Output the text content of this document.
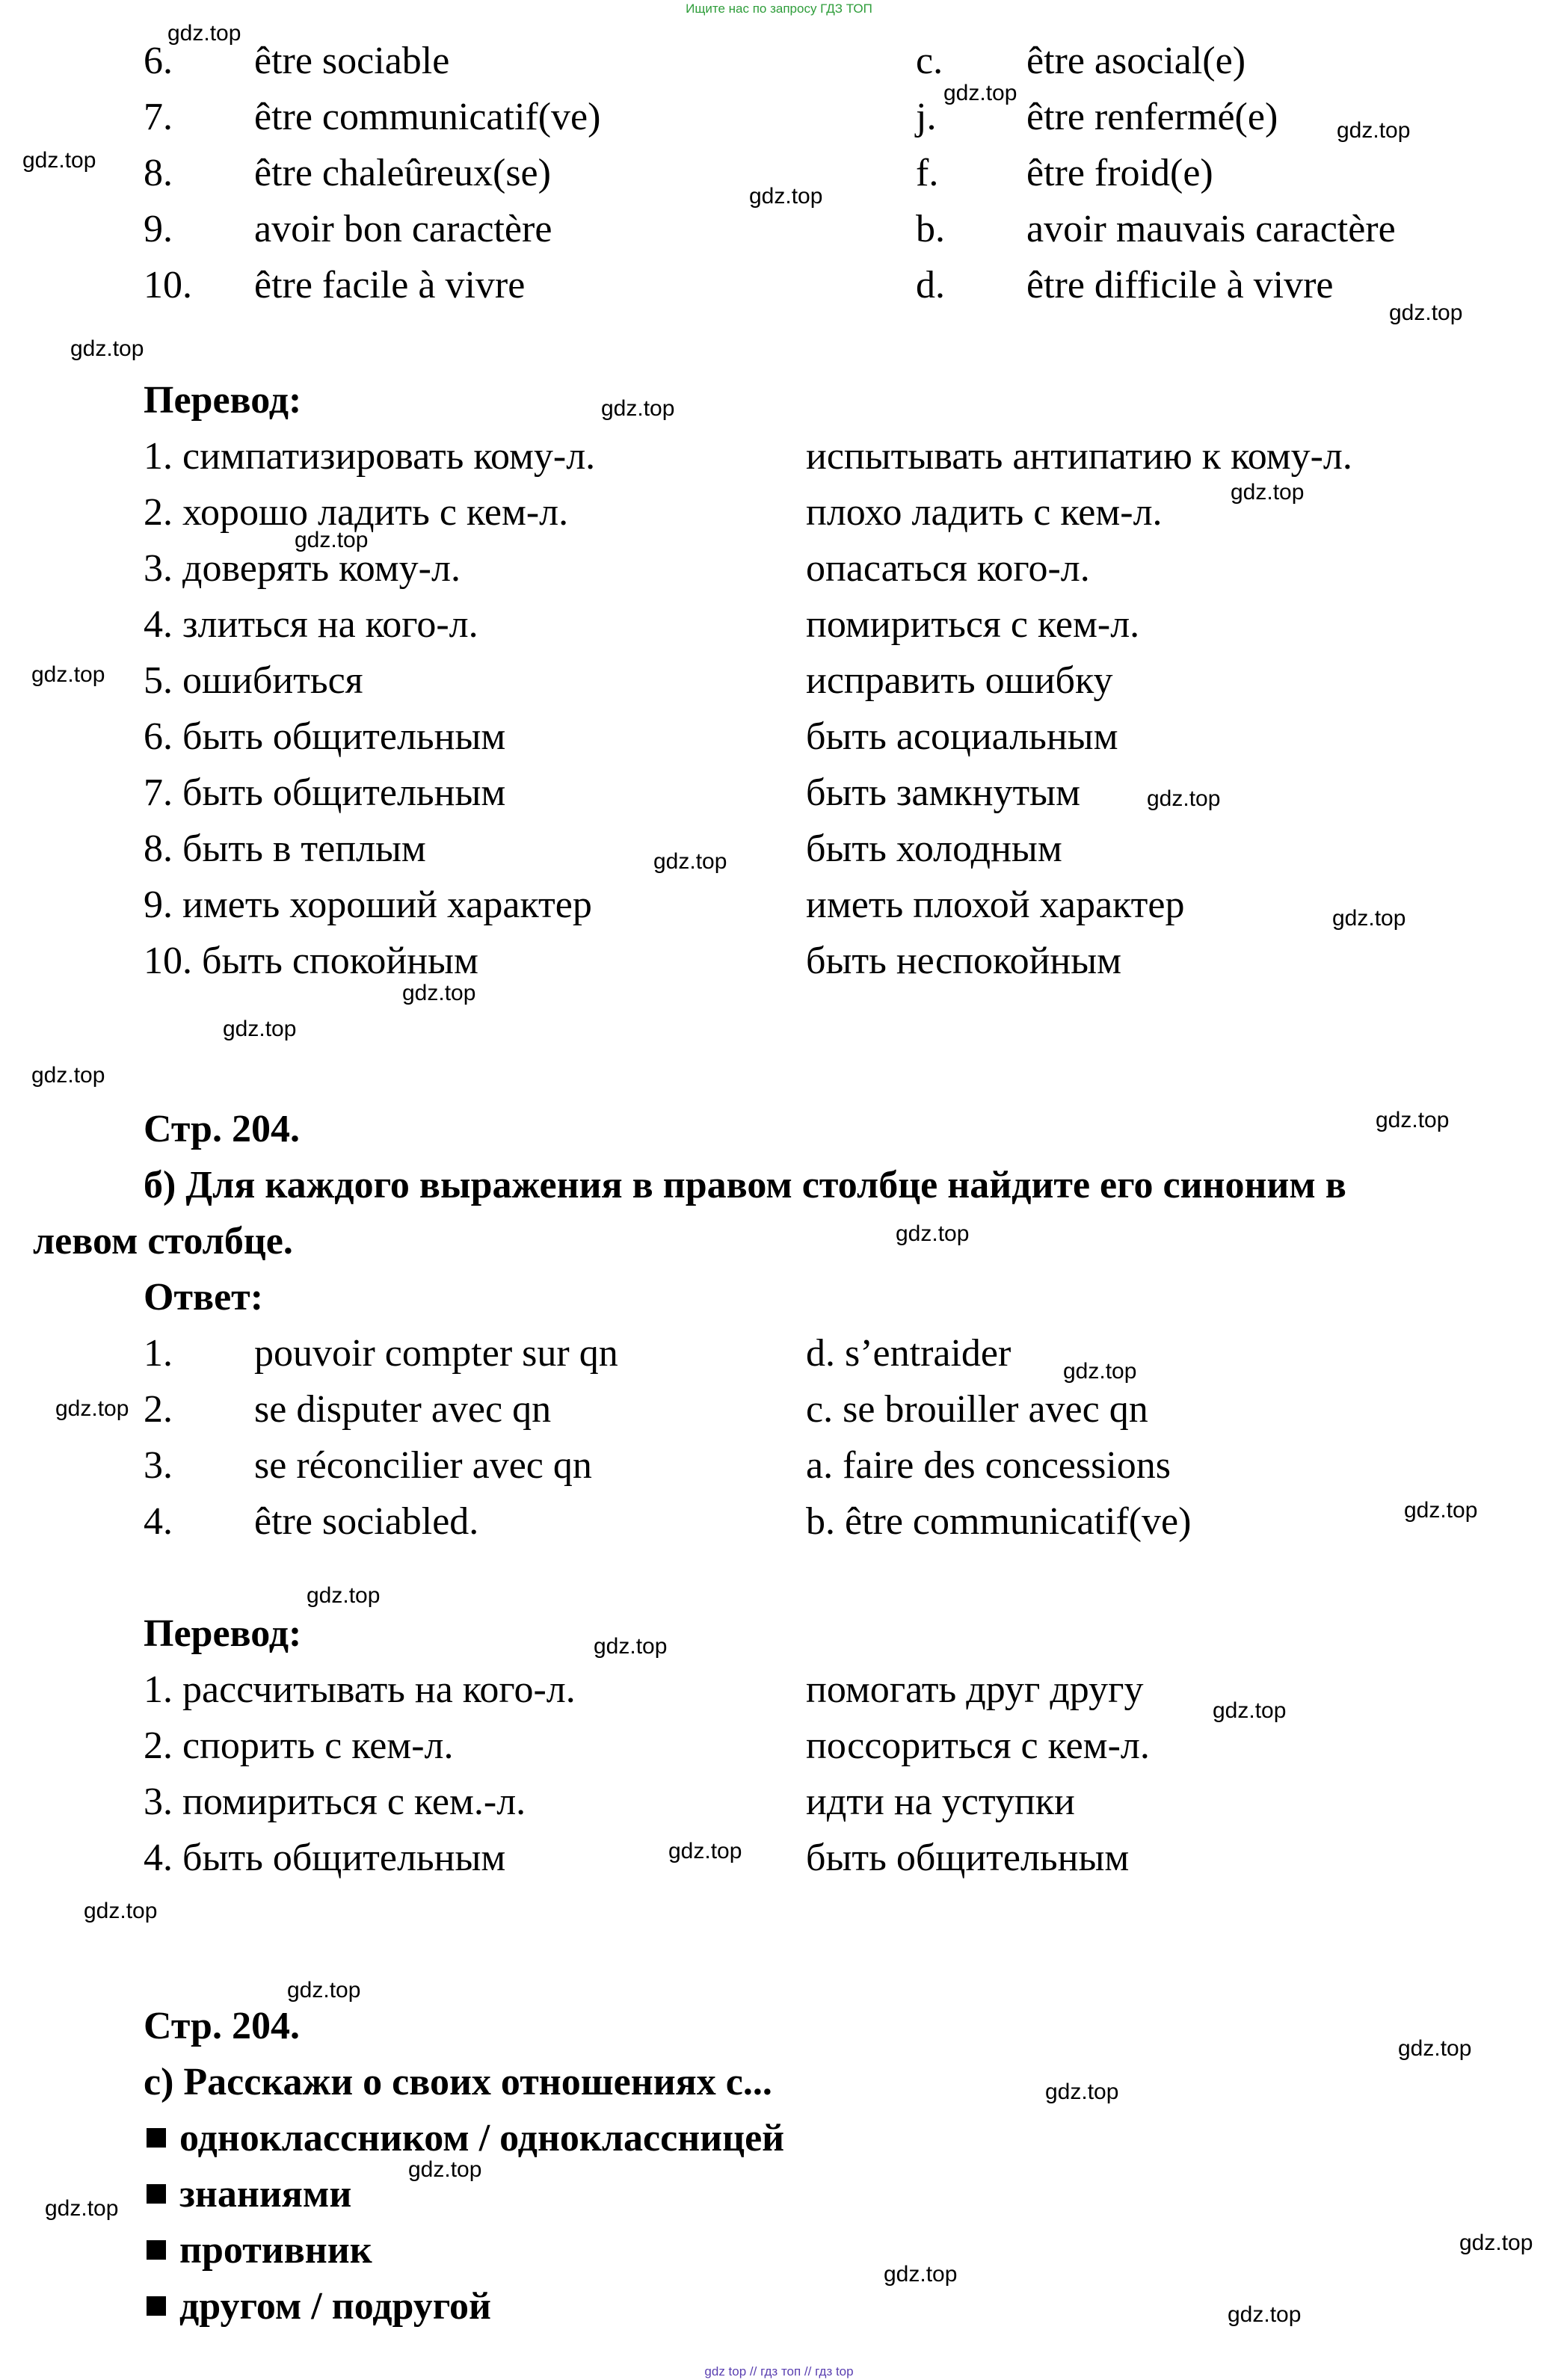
Ищите нас по запросу ГДЗ ТОП
6. être sociable	c. être asocial(e)
7. être communicatif(ve)	j. être renfermé(e)
8. être chaleûreux(se)	f. être froid(e)
9. avoir bon caractère	b. avoir mauvais caractère
10. être facile à vivre	d. être difficile à vivre
Перевод:
1. симпатизировать кому-л.	испытывать антипатию к кому-л.
2. хорошо ладить с кем-л.	плохо ладить с кем-л.
3. доверять кому-л.	опасаться кого-л.
4. злиться на кого-л.	помириться с кем-л.
5. ошибиться	исправить ошибку
6. быть общительным	быть асоциальным
7. быть общительным	быть замкнутым
8. быть в теплым	быть холодным
9. иметь хороший характер	иметь плохой характер
10. быть спокойным	быть неспокойным
Стр. 204.
б) Для каждого выражения в правом столбце найдите его синоним в
левом столбце.
Ответ:
1. pouvoir compter sur qn	d. s’entraider
2. se disputer avec qn	c. se brouiller avec qn
3. se réconcilier avec qn	a. faire des concessions
4. être sociabled.	b. être communicatif(ve)
Перевод:
1. рассчитывать на кого-л.	помогать друг другу
2. спорить с кем-л.	поссориться с кем-л.
3. помириться с кем.-л.	идти на уступки
4. быть общительным	быть общительным
Стр. 204.
с) Расскажи о своих отношениях с...
одноклассником / одноклассницей
знаниями
противник
другом / подругой
gdz.top
gdz.top
gdz.top
gdz.top
gdz.top
gdz.top
gdz.top
gdz.top
gdz.top
gdz.top
gdz.top
gdz.top
gdz.top
gdz.top
gdz.top
gdz.top
gdz.top
gdz.top
gdz.top
gdz.top
gdz.top
gdz.top
gdz.top
gdz.top
gdz.top
gdz.top
gdz.top
gdz.top
gdz.top
gdz.top
gdz.top
gdz.top
gdz.top
gdz.top
gdz.top
gdz top // гдз топ // гдз top
